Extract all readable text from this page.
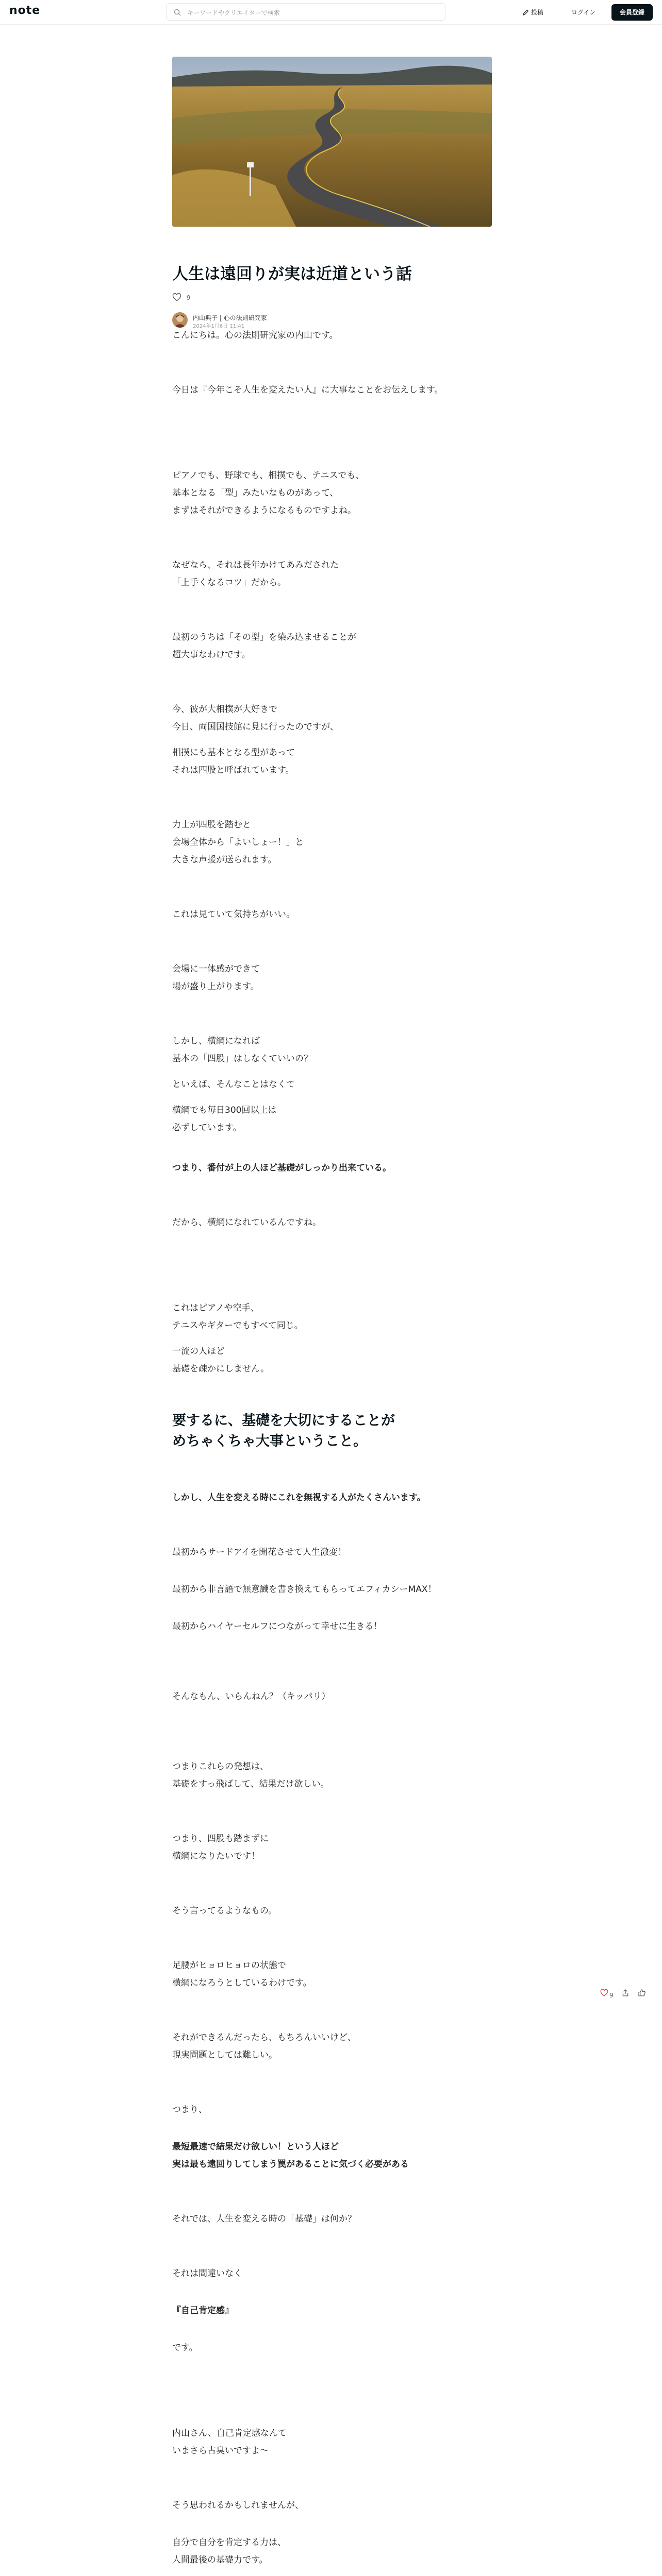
note	キーワードやクリエイターで検索	投稿	ログイン	会員登録
人生は遠回りが実は近道という話
9
内山典子 | 心の法則研究家
2024年1月6日 11:41

こんにちは。心の法則研究家の内山です。

今日は『今年こそ人生を変えたい人』に大事なことをお伝えします。

ピアノでも、野球でも、相撲でも、テニスでも、
基本となる「型」みたいなものがあって、
まずはそれができるようになるものですよね。

なぜなら、それは長年かけてあみだされた
「上手くなるコツ」だから。

最初のうちは「その型」を染み込ませることが
超大事なわけです。

今、彼が大相撲が大好きで
今日、両国国技館に見に行ったのですが、

相撲にも基本となる型があって
それは四股と呼ばれています。

力士が四股を踏むと
会場全体から「よいしょー！」と
大きな声援が送られます。

これは見ていて気持ちがいい。

会場に一体感ができて
場が盛り上がります。

しかし、横綱になれば
基本の「四股」はしなくていいの？

といえば、そんなことはなくて

横綱でも毎日300回以上は
必ずしています。

つまり、番付が上の人ほど基礎がしっかり出来ている。

だから、横綱になれているんですね。

これはピアノや空手、
テニスやギターでもすべて同じ。

一流の人ほど
基礎を疎かにしません。

要するに、基礎を大切にすることが
めちゃくちゃ大事ということ。

しかし、人生を変える時にこれを無視する人がたくさんいます。

最初からサードアイを開花させて人生激変！

最初から非言語で無意識を書き換えてもらってエフィカシーMAX！

最初からハイヤーセルフにつながって幸せに生きる！

そんなもん、いらんねん？（キッパリ）

つまりこれらの発想は、
基礎をすっ飛ばして、結果だけ欲しい。

つまり、四股も踏まずに
横綱になりたいです！

そう言ってるようなもの。

足腰がヒョロヒョロの状態で
横綱になろうとしているわけです。

それができるんだったら、もちろんいいけど、
現実問題としては難しい。

つまり、

最短最速で結果だけ欲しい！という人ほど
実は最も遠回りしてしまう罠があることに気づく必要がある

それでは、人生を変える時の「基礎」は何か？

それは間違いなく

『自己肯定感』

です。

内山さん、自己肯定感なんて
いまさら古臭いですよ〜

そう思われるかもしれませんが、

自分で自分を肯定する力は、
人間最後の基礎力です。

9
